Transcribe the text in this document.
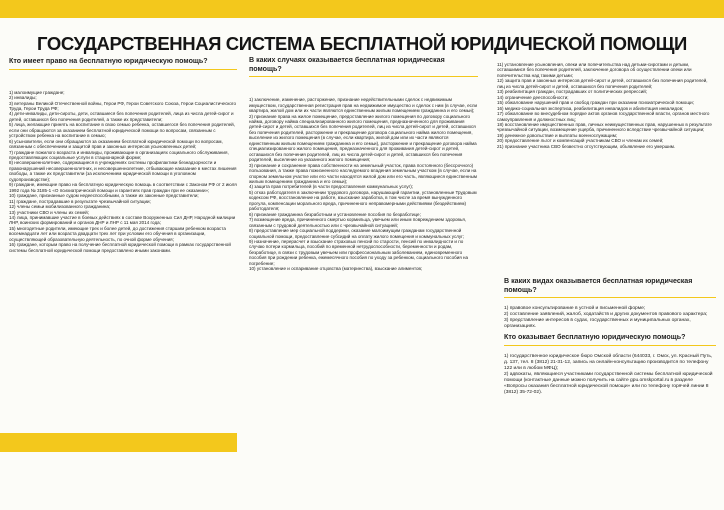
ГОСУДАРСТВЕННАЯ СИСТЕМА БЕСПЛАТНОЙ ЮРИДИЧЕСКОЙ ПОМОЩИ
Кто имеет право на бесплатную юридическую помощь?

1) малоимущие граждане;

2) инвалиды;

3) ветераны Великой Отечественной войны, Герои РФ, Герои Советского Союза, Герои Социалистического Труда, Герои Труда РФ;

4) дети-инвалиды, дети-сироты, дети, оставшиеся без попечения родителей, лица из числа детей-сирот и детей, оставшихся без попечения родителей, а также их представители;

5) лица, желающие принять на воспитание в свою семью ребенка, оставшегося без попечения родителей, если они обращаются за оказанием бесплатной юридической помощи по вопросам, связанным с устройством ребенка на воспитание в семью;

6) усыновители, если они обращаются за оказанием бесплатной юридической помощи по вопросам, связанным с обеспечением и защитой прав и законных интересов усыновленных детей;

7) граждане пожилого возраста и инвалиды, проживающие в организациях социального обслуживания, предоставляющих социальные услуги в стационарной форме;

8) несовершеннолетние, содержащиеся в учреждениях системы профилактики безнадзорности и правонарушений несовершеннолетних, и несовершеннолетние, отбывающие наказание в местах лишения свободы, а также их представители (за исключением юридической помощи в уголовном судопроизводстве);

9) граждане, имеющие право на бесплатную юридическую помощь в соответствии с Законом РФ от 2 июля 1992 года № 3185-1 «О психиатрической помощи и гарантиях прав граждан при ее оказании»;

10) граждане, признанные судом недееспособными, а также их законные представители;

11) граждане, пострадавшие в результате чрезвычайной ситуации;

12) члены семьи мобилизованного гражданина;

13) участники СВО и члены их семей;

14) лица, принимавшие участие в боевых действиях в составе Вооруженных Сил ДНР, Народной милиции ЛНР, воинских формирований и органов ДНР и ЛНР с 11 мая 2014 года;

15) многодетные родители, имеющие трех и более детей, до достижения старшим ребенком возраста восемнадцати лет или возраста двадцати трех лет при условии его обучения в организации, осуществляющей образовательную деятельность, по очной форме обучения;

16) граждане, которым право на получение бесплатной юридической помощи в рамках государственной системы бесплатной юридической помощи предоставлено иными законами.

В каких случаях оказывается бесплатная юридическая помощь?

1) заключение, изменение, расторжение, признание недействительными сделок с недвижимым имуществом, государственная регистрация прав на недвижимое имущество и сделок с ним (в случае, если квартира, жилой дом или их части являются единственным жилым помещением гражданина и его семьи);

2) признание права на жилое помещение, предоставление жилого помещения по договору социального найма, договору найма специализированного жилого помещения, предназначенного для проживания детей-сирот и детей, оставшихся без попечения родителей, лиц из числа детей-сирот и детей, оставшихся без попечения родителей, расторжение и прекращение договора социального найма жилого помещения, выселение из жилого помещения (в случае, если квартира, жилой дом или их части являются единственным жилым помещением гражданина и его семьи), расторжение и прекращение договора найма специализированного жилого помещения, предназначенного для проживания детей-сирот и детей, оставшихся без попечения родителей, лиц из числа детей-сирот и детей, оставшихся без попечения родителей, выселение из указанного жилого помещения;

3) признание и сохранение права собственности на земельный участок, права постоянного (бессрочного) пользования, а также права пожизненного наследуемого владения земельным участком (в случае, если на спорном земельном участке или его части находятся жилой дом или его часть, являющиеся единственным жилым помещением гражданина и его семьи);

4) защита прав потребителей (в части предоставления коммунальных услуг);

5) отказ работодателя в заключении трудового договора, нарушающий гарантии, установленные Трудовым кодексом РФ, восстановление на работе, взыскание заработка, в том числе за время вынужденного прогула, компенсации морального вреда, причиненного неправомерными действиями (бездействием) работодателя;

6) признание гражданина безработным и установление пособия по безработице;

7) возмещение вреда, причиненного смертью кормильца, увечьем или иным повреждением здоровья, связанным с трудовой деятельностью или с чрезвычайной ситуацией;

8) предоставление мер социальной поддержки, оказание малоимущим гражданам государственной социальной помощи, предоставление субсидий на оплату жилого помещения и коммунальных услуг;

9) назначение, перерасчет и взыскание страховых пенсий по старости, пенсий по инвалидности и по случаю потери кормильца, пособий по временной нетрудоспособности, беременности и родам, безработице, в связи с трудовым увечьем или профессиональным заболеванием, единовременного пособия при рождении ребенка, ежемесячного пособия по уходу за ребенком, социального пособия на погребение;

10) установление и оспаривание отцовства (материнства), взыскание алиментов;

11) установление усыновления, опеки или попечительства над детьми-сиротами и детьми, оставшимися без попечения родителей, заключение договора об осуществлении опеки или попечительства над такими детьми;

12) защита прав и законных интересов детей-сирот и детей, оставшихся без попечения родителей, лиц из числа детей-сирот и детей, оставшихся без попечения родителей;

13) реабилитация граждан, пострадавших от политических репрессий;

14) ограничение дееспособности;

15) обжалование нарушений прав и свобод граждан при оказании психиатрической помощи;

16) медико-социальная экспертиза, реабилитация инвалидов и абилитация инвалидов;

17) обжалование во внесудебном порядке актов органов государственной власти, органов местного самоуправления и должностных лиц;

18) восстановление имущественных прав, личных неимущественных прав, нарушенных в результате чрезвычайной ситуации, возмещение ущерба, причиненного вследствие чрезвычайной ситуации;

19) денежное довольствие и выплаты военнослужащим;

20) предоставление льгот и компенсаций участникам СВО и членам их семей;

21) признание участника СВО безвестно отсутствующим, объявление его умершим.

В каких видах оказывается бесплатная юридическая помощь?

1) правовое консультирование в устной и письменной форме;

2) составление заявлений, жалоб, ходатайств и других документов правового характера;

3) представление интересов в судах, государственных и муниципальных органах, организациях.

Кто оказывает бесплатную юридическую помощь?

1) государственное юридическое бюро Омской области (644033, г. Омск, ул. Красный Путь, д. 137, тел. 8 (3812) 21-31-12, запись на онлайн-консультацию производится по телефону 122 или в любом МФЦ);

2) адвокаты, являющиеся участниками государственной системы бесплатной юридической помощи (контактные данные можно получить на сайте gpu.omskportal.ru в разделе «Вопросы оказания бесплатной юридической помощи» или по телефону горячей линии 8 (3812) 35-72-02).
